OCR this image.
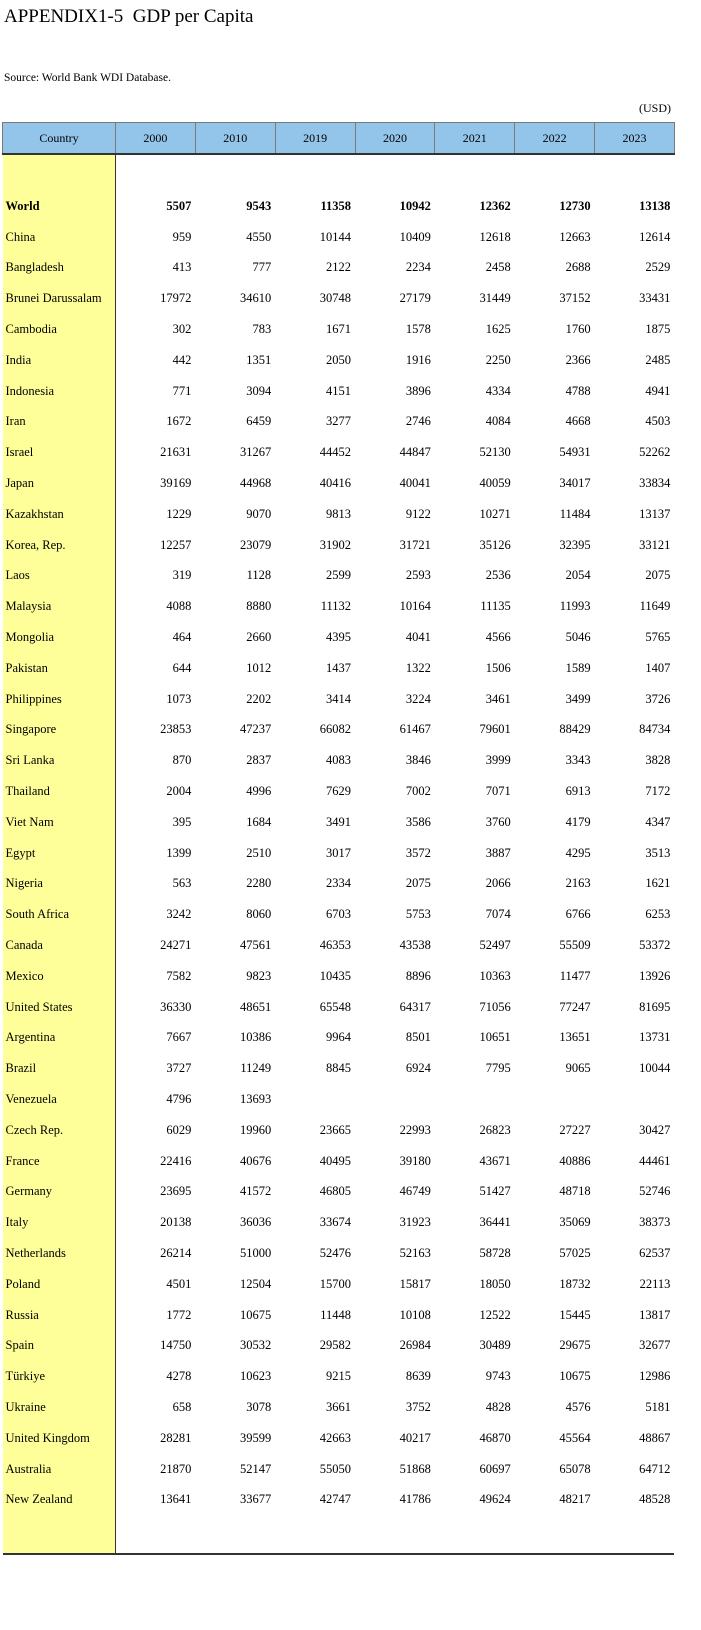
APPENDIX1-5  GDP per Capita
Source: World Bank WDI Database.
(USD)
Country	2000	2010	2019	2020	2021	2022	2023

World	5507	9543	11358	10942	12362	12730	13138
China	959	4550	10144	10409	12618	12663	12614
Bangladesh	413	777	2122	2234	2458	2688	2529
Brunei Darussalam	17972	34610	30748	27179	31449	37152	33431
Cambodia	302	783	1671	1578	1625	1760	1875
India	442	1351	2050	1916	2250	2366	2485
Indonesia	771	3094	4151	3896	4334	4788	4941
Iran	1672	6459	3277	2746	4084	4668	4503
Israel	21631	31267	44452	44847	52130	54931	52262
Japan	39169	44968	40416	40041	40059	34017	33834
Kazakhstan	1229	9070	9813	9122	10271	11484	13137
Korea, Rep.	12257	23079	31902	31721	35126	32395	33121
Laos	319	1128	2599	2593	2536	2054	2075
Malaysia	4088	8880	11132	10164	11135	11993	11649
Mongolia	464	2660	4395	4041	4566	5046	5765
Pakistan	644	1012	1437	1322	1506	1589	1407
Philippines	1073	2202	3414	3224	3461	3499	3726
Singapore	23853	47237	66082	61467	79601	88429	84734
Sri Lanka	870	2837	4083	3846	3999	3343	3828
Thailand	2004	4996	7629	7002	7071	6913	7172
Viet Nam	395	1684	3491	3586	3760	4179	4347
Egypt	1399	2510	3017	3572	3887	4295	3513
Nigeria	563	2280	2334	2075	2066	2163	1621
South Africa	3242	8060	6703	5753	7074	6766	6253
Canada	24271	47561	46353	43538	52497	55509	53372
Mexico	7582	9823	10435	8896	10363	11477	13926
United States	36330	48651	65548	64317	71056	77247	81695
Argentina	7667	10386	9964	8501	10651	13651	13731
Brazil	3727	11249	8845	6924	7795	9065	10044
Venezuela	4796	13693					
Czech Rep.	6029	19960	23665	22993	26823	27227	30427
France	22416	40676	40495	39180	43671	40886	44461
Germany	23695	41572	46805	46749	51427	48718	52746
Italy	20138	36036	33674	31923	36441	35069	38373
Netherlands	26214	51000	52476	52163	58728	57025	62537
Poland	4501	12504	15700	15817	18050	18732	22113
Russia	1772	10675	11448	10108	12522	15445	13817
Spain	14750	30532	29582	26984	30489	29675	32677
Türkiye	4278	10623	9215	8639	9743	10675	12986
Ukraine	658	3078	3661	3752	4828	4576	5181
United Kingdom	28281	39599	42663	40217	46870	45564	48867
Australia	21870	52147	55050	51868	60697	65078	64712
New Zealand	13641	33677	42747	41786	49624	48217	48528
